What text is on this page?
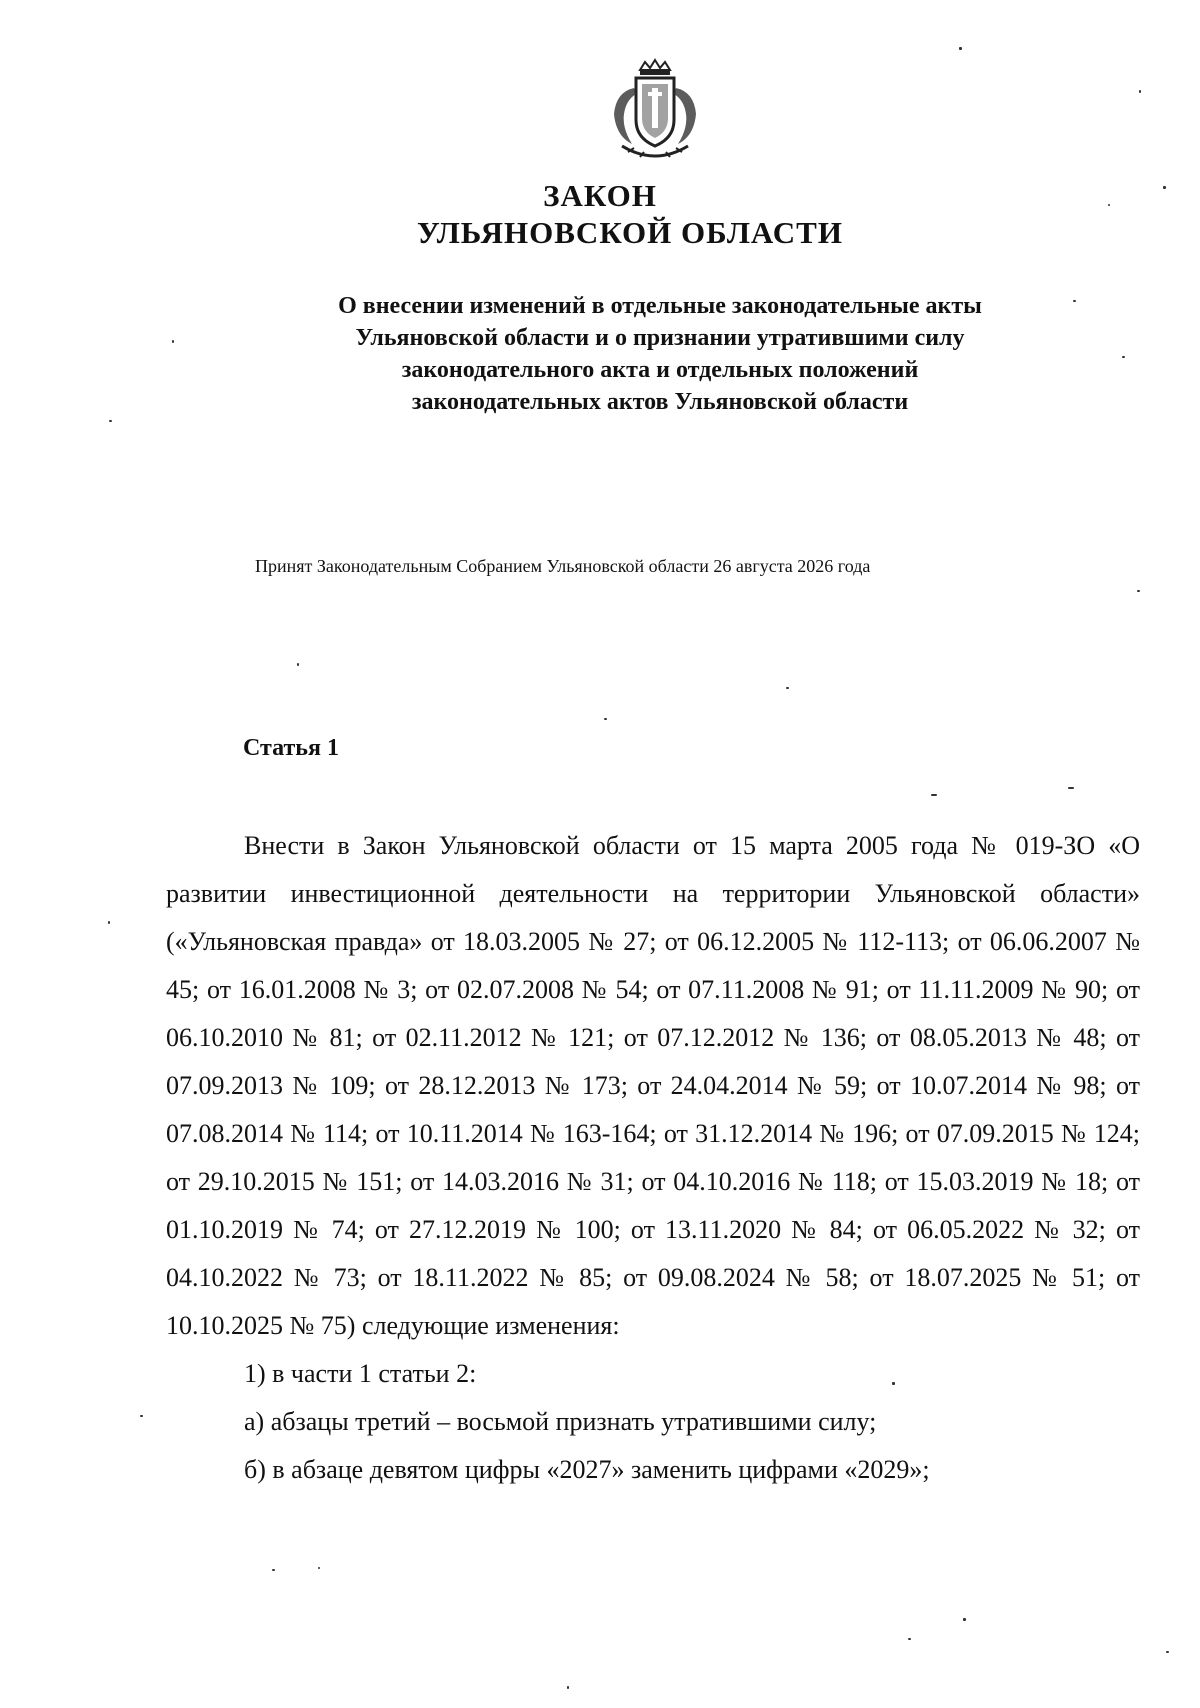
ЗАКОН
УЛЬЯНОВСКОЙ ОБЛАСТИ
О внесении изменений в отдельные законодательные акты
Ульяновской области и о признании утратившими силу
законодательного акта и отдельных положений
законодательных актов Ульяновской области
Принят Законодательным Собранием Ульяновской области 26 августа 2026 года
Статья 1

Внести в Закон Ульяновской области от 15 марта 2005 года № 019-ЗО «О развитии инвестиционной деятельности на территории Ульяновской области» («Ульяновская правда» от 18.03.2005 № 27; от 06.12.2005 № 112-113; от 06.06.2007 № 45; от 16.01.2008 № 3; от 02.07.2008 № 54; от 07.11.2008 № 91; от 11.11.2009 № 90; от 06.10.2010 № 81; от 02.11.2012 № 121; от 07.12.2012 № 136; от 08.05.2013 № 48; от 07.09.2013 № 109; от 28.12.2013 № 173; от 24.04.2014 № 59; от 10.07.2014 № 98; от 07.08.2014 № 114; от 10.11.2014 № 163-164; от 31.12.2014 № 196; от 07.09.2015 № 124; от 29.10.2015 № 151; от 14.03.2016 № 31; от 04.10.2016 № 118; от 15.03.2019 № 18; от 01.10.2019 № 74; от 27.12.2019 № 100; от 13.11.2020 № 84; от 06.05.2022 № 32; от 04.10.2022 № 73; от 18.11.2022 № 85; от 09.08.2024 № 58; от 18.07.2025 № 51; от 10.10.2025 № 75) следующие изменения:

1) в части 1 статьи 2:

а) абзацы третий – восьмой признать утратившими силу;

б) в абзаце девятом цифры «2027» заменить цифрами «2029»;
